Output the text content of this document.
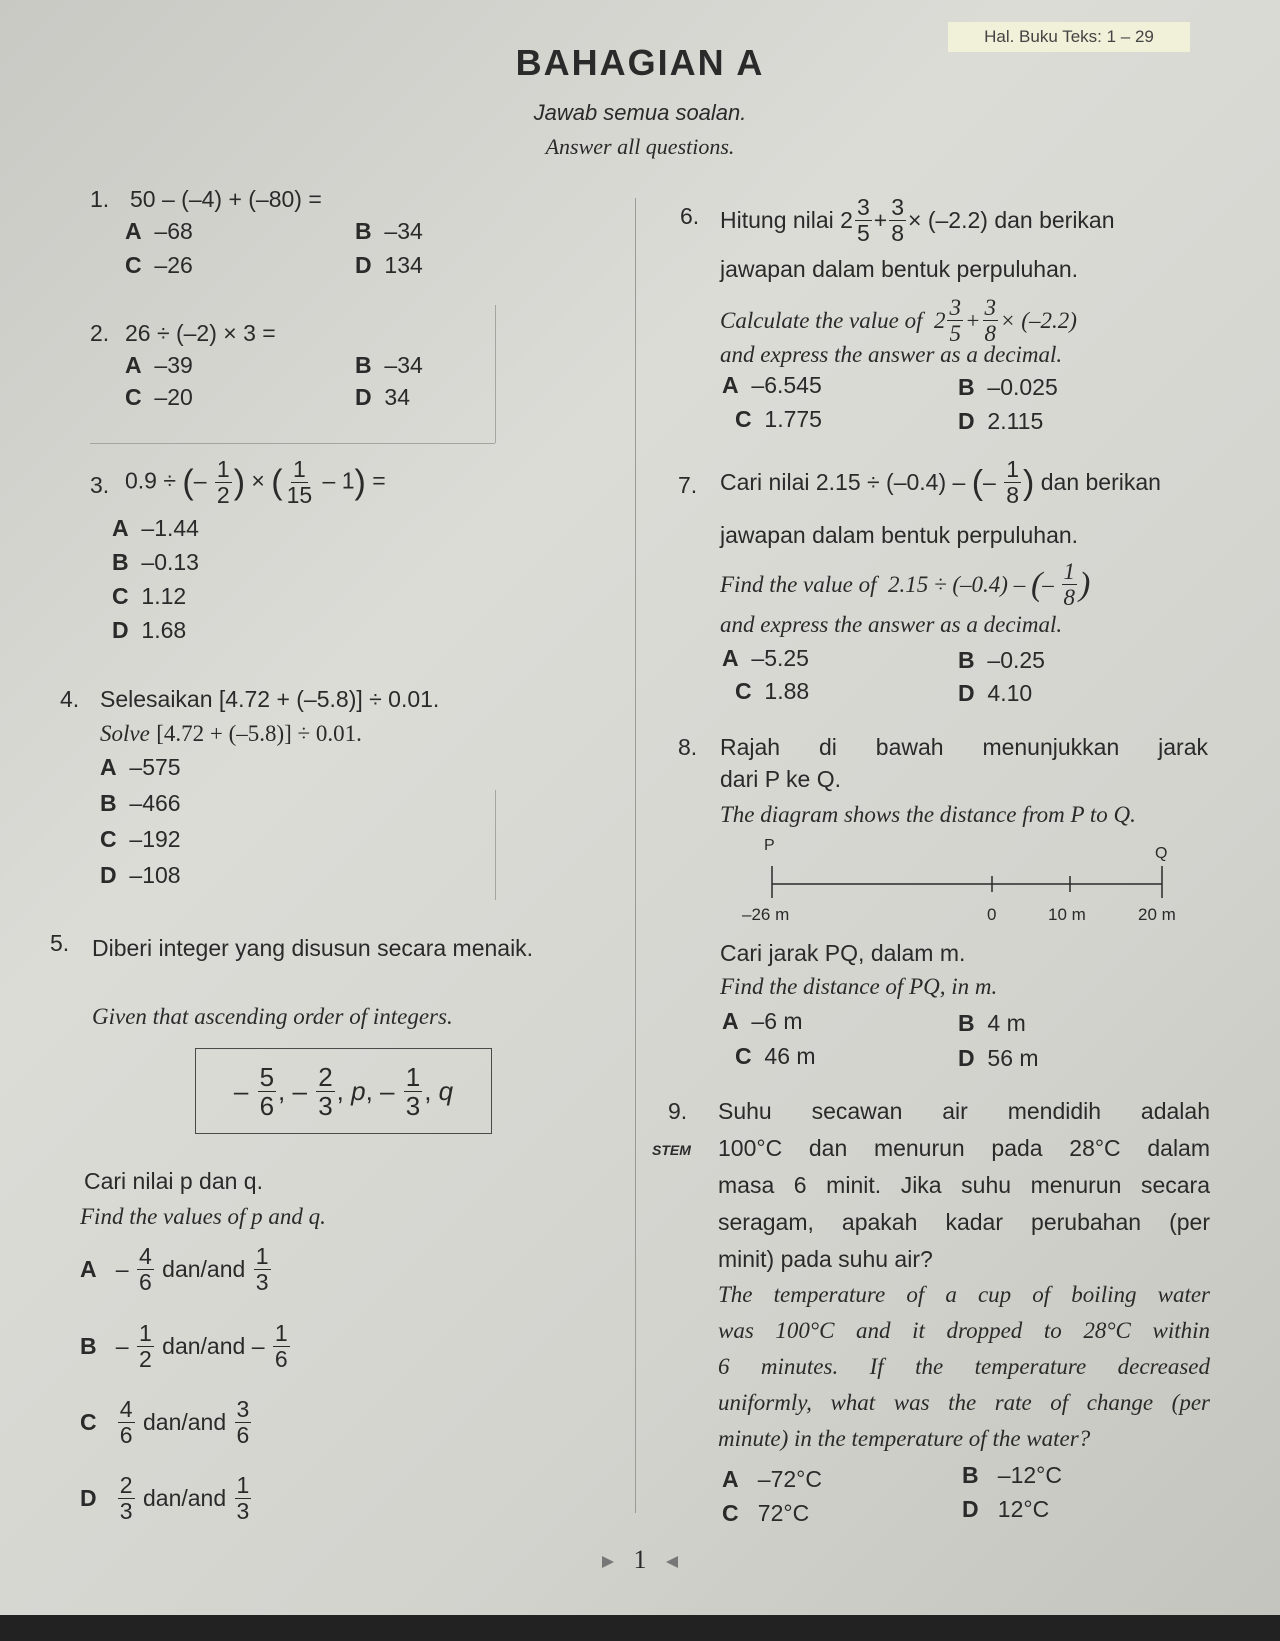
Hal. Buku Teks: 1 – 29
BAHAGIAN A
Jawab semua soalan.
Answer all questions.
1. 50 – (–4) + (–80) =
A –68	B –34
C –26	D 134
2. 26 ÷ (–2) × 3 =
A –39	B –34
C –20	D 34
3. 0.9 ÷ (– $\frac{1}{2}$ ) × ( $\frac{1}{15} - 1$) =
A –1.44
B –0.13
C 1.12
D 1.68
4. Selesaikan [4.72 + (–5.8)] ÷ 0.01.
Solve [4.72 + (–5.8)] ÷ 0.01.
A –575
B –466
C –192
D –108
5. Diberi integer yang disusun secara menaik.
Given that ascending order of integers.
– $\frac{5}{6}$ , – $\frac{2}{3}$ , p , – $\frac{1}{3}$ , q
Cari nilai p dan q.
Find the values of p and q.
A – $\frac{4}{6}$
dan/and
$\frac{1}{3}$
B – $\frac{1}{2}$
$dan/and - \frac{1}{6}$
C
$\frac{4}{6}$
dan/and
$\frac{3}{6}$
D
$\frac{2}{3}$
dan/and
$\frac{1}{3}$
6. Hitung nilai $2 \frac{3}{5} + \frac{3}{8} \times (-2.2)$ dan berikan
jawapan dalam bentuk perpuluhan.
Calculate the value of $2 \frac{3}{5} + \frac{3}{8} \times (-2.2)$
and express the answer as a decimal.
A –6.545	B –0.025
C 1.775	D 2.115
7. Cari nilai 2.15 ÷ (–0.4) – ( – $\frac{1}{8}$ )
dan berikan
jawapan dalam bentuk perpuluhan.
Find the value of 2.15 ÷ (–0.4) – ( – $\frac{1}{8}$ )
and express the answer as a decimal.
A –5.25	B –0.25
C 1.88	D 4.10
8. Rajah di bawah menunjukkan jarak
dari P ke Q.
The diagram shows the distance from P to Q.
P	Q
–26 m	0	10 m	20 m
Cari jarak PQ, dalam m.
Find the distance of PQ, in m.
A –6 m	B 4 m
C 46 m	D 56 m
9.
STEM
Suhu secawan air mendidih adalah
100°C dan menurun pada 28°C dalam
masa 6 minit. Jika suhu menurun secara
seragam, apakah kadar perubahan (per
minit) pada suhu air?
The temperature of a cup of boiling water
was 100°C and it dropped to 28°C within
6 minutes. If the temperature decreased
uniformly, what was the rate of change (per
minute) in the temperature of the water?
A –72°C	B –12°C
C 72°C	D 12°C
1
